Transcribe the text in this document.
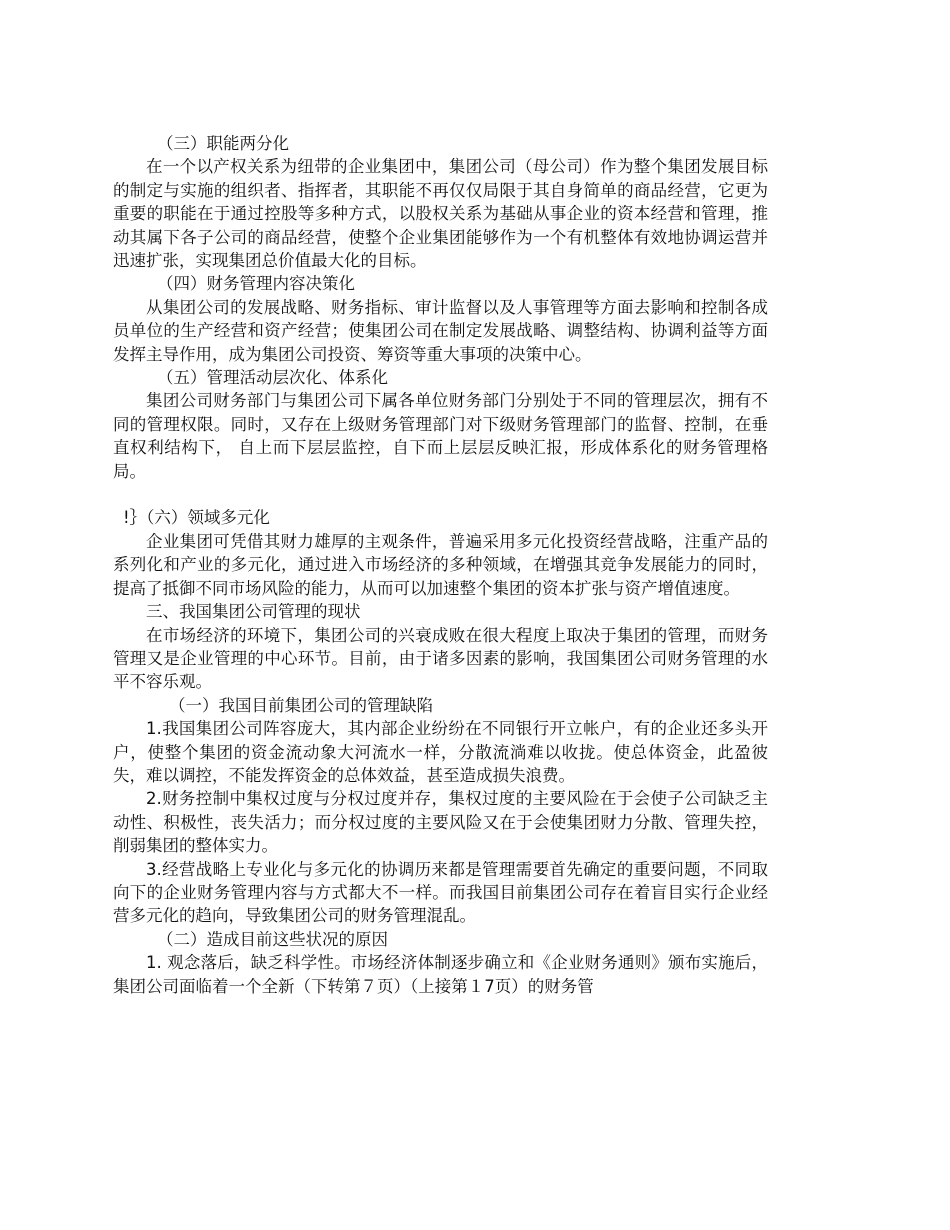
（三）职能两分化

在一个以产权关系为纽带的企业集团中，集团公司（母公司）作为整个集团发展目标的制定与实施的组织者、指挥者，其职能不再仅仅局限于其自身简单的商品经营，它更为重要的职能在于通过控股等多种方式，以股权关系为基础从事企业的资本经营和管理，推动其属下各子公司的商品经营，使整个企业集团能够作为一个有机整体有效地协调运营并迅速扩张，实现集团总价值最大化的目标。

（四）财务管理内容决策化

从集团公司的发展战略、财务指标、审计监督以及人事管理等方面去影响和控制各成员单位的生产经营和资产经营；使集团公司在制定发展战略、调整结构、协调利益等方面发挥主导作用，成为集团公司投资、筹资等重大事项的决策中心。

（五）管理活动层次化、体系化

集团公司财务部门与集团公司下属各单位财务部门分别处于不同的管理层次，拥有不同的管理权限。同时，又存在上级财务管理部门对下级财务管理部门的监督、控制，在垂直权利结构下， 自上而下层层监控，自下而上层层反映汇报，形成体系化的财务管理格局。

!｝（六）领域多元化

企业集团可凭借其财力雄厚的主观条件，普遍采用多元化投资经营战略，注重产品的系列化和产业的多元化，通过进入市场经济的多种领域，在增强其竞争发展能力的同时，提高了抵御不同市场风险的能力，从而可以加速整个集团的资本扩张与资产增值速度。

三、我国集团公司管理的现状

在市场经济的环境下，集团公司的兴衰成败在很大程度上取决于集团的管理，而财务管理又是企业管理的中心环节。目前，由于诸多因素的影响，我国集团公司财务管理的水平不容乐观。

（一）我国目前集团公司的管理缺陷

1.我国集团公司阵容庞大，其内部企业纷纷在不同银行开立帐户，有的企业还多头开户，使整个集团的资金流动象大河流水一样，分散流淌难以收拢。使总体资金，此盈彼失，难以调控，不能发挥资金的总体效益，甚至造成损失浪费。

2.财务控制中集权过度与分权过度并存，集权过度的主要风险在于会使子公司缺乏主动性、积极性，丧失活力；而分权过度的主要风险又在于会使集团财力分散、管理失控，削弱集团的整体实力。

3.经营战略上专业化与多元化的协调历来都是管理需要首先确定的重要问题，不同取向下的企业财务管理内容与方式都大不一样。而我国目前集团公司存在着盲目实行企业经营多元化的趋向，导致集团公司的财务管理混乱。

（二）造成目前这些状况的原因

1. 观念落后，缺乏科学性。市场经济体制逐步确立和《企业财务通则》颁布实施后，集团公司面临着一个全新（下转第７页）（上接第１7页）的财务管
